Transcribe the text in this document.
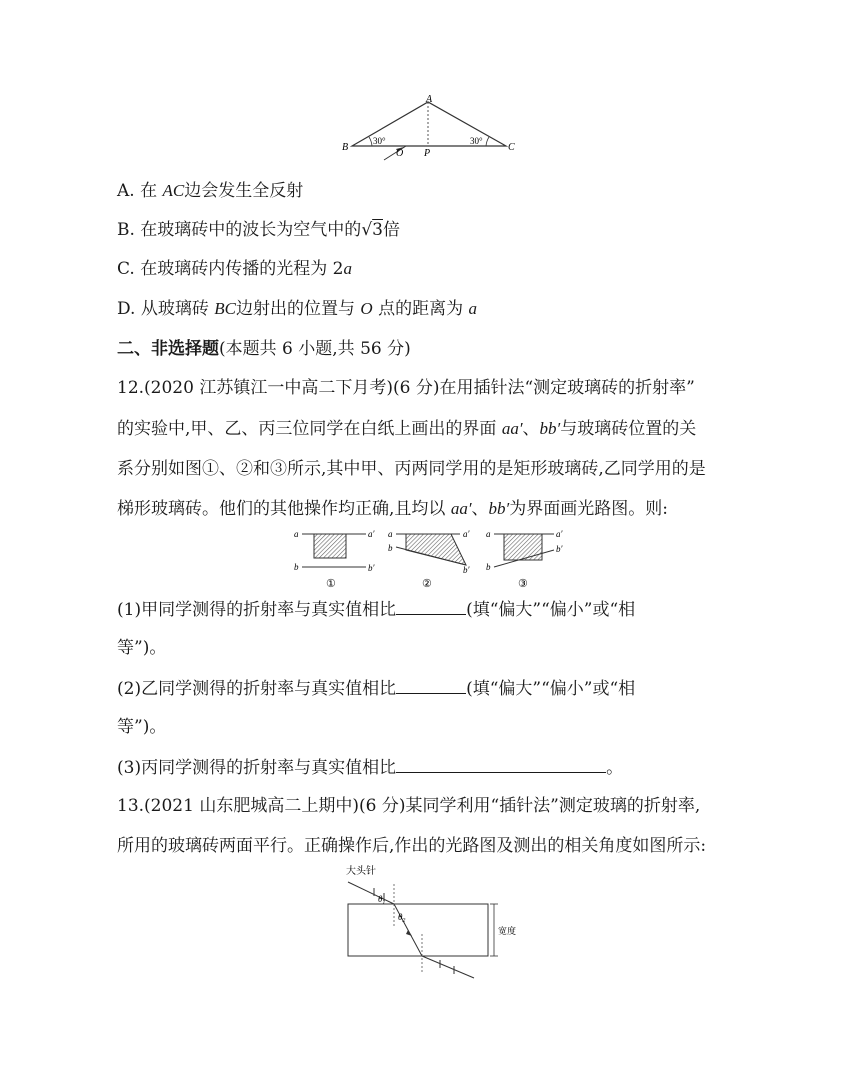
A
B	C
O P
30°	30°
A. 在 AC边会发生全反射
B. 在玻璃砖中的波长为空气中的√3倍
C. 在玻璃砖内传播的光程为 2a
D. 从玻璃砖 BC边射出的位置与 O 点的距离为 a
二、非选择题(本题共 6 小题,共 56 分)
12.(2020 江苏镇江一中高二下月考)(6 分)在用插针法“测定玻璃砖的折射率”
的实验中,甲、乙、丙三位同学在白纸上画出的界面 aa′、bb′与玻璃砖位置的关
系分别如图①、②和③所示,其中甲、丙两同学用的是矩形玻璃砖,乙同学用的是
梯形玻璃砖。他们的其他操作均正确,且均以 aa′、bb′为界面画光路图。则:
a	a′
b	b′
①
a	a′
b
b′
②
a	a′
b
b′
③
(1)甲同学测得的折射率与真实值相比	(填“偏大”“偏小”或“相
等”)。
(2)乙同学测得的折射率与真实值相比	(填“偏大”“偏小”或“相
等”)。
(3)丙同学测得的折射率与真实值相比	。
13.(2021 山东肥城高二上期中)(6 分)某同学利用“插针法”测定玻璃的折射率,
所用的玻璃砖两面平行。正确操作后,作出的光路图及测出的相关角度如图所示:
大头针
$\theta_1$
$\theta_2$
宽度
